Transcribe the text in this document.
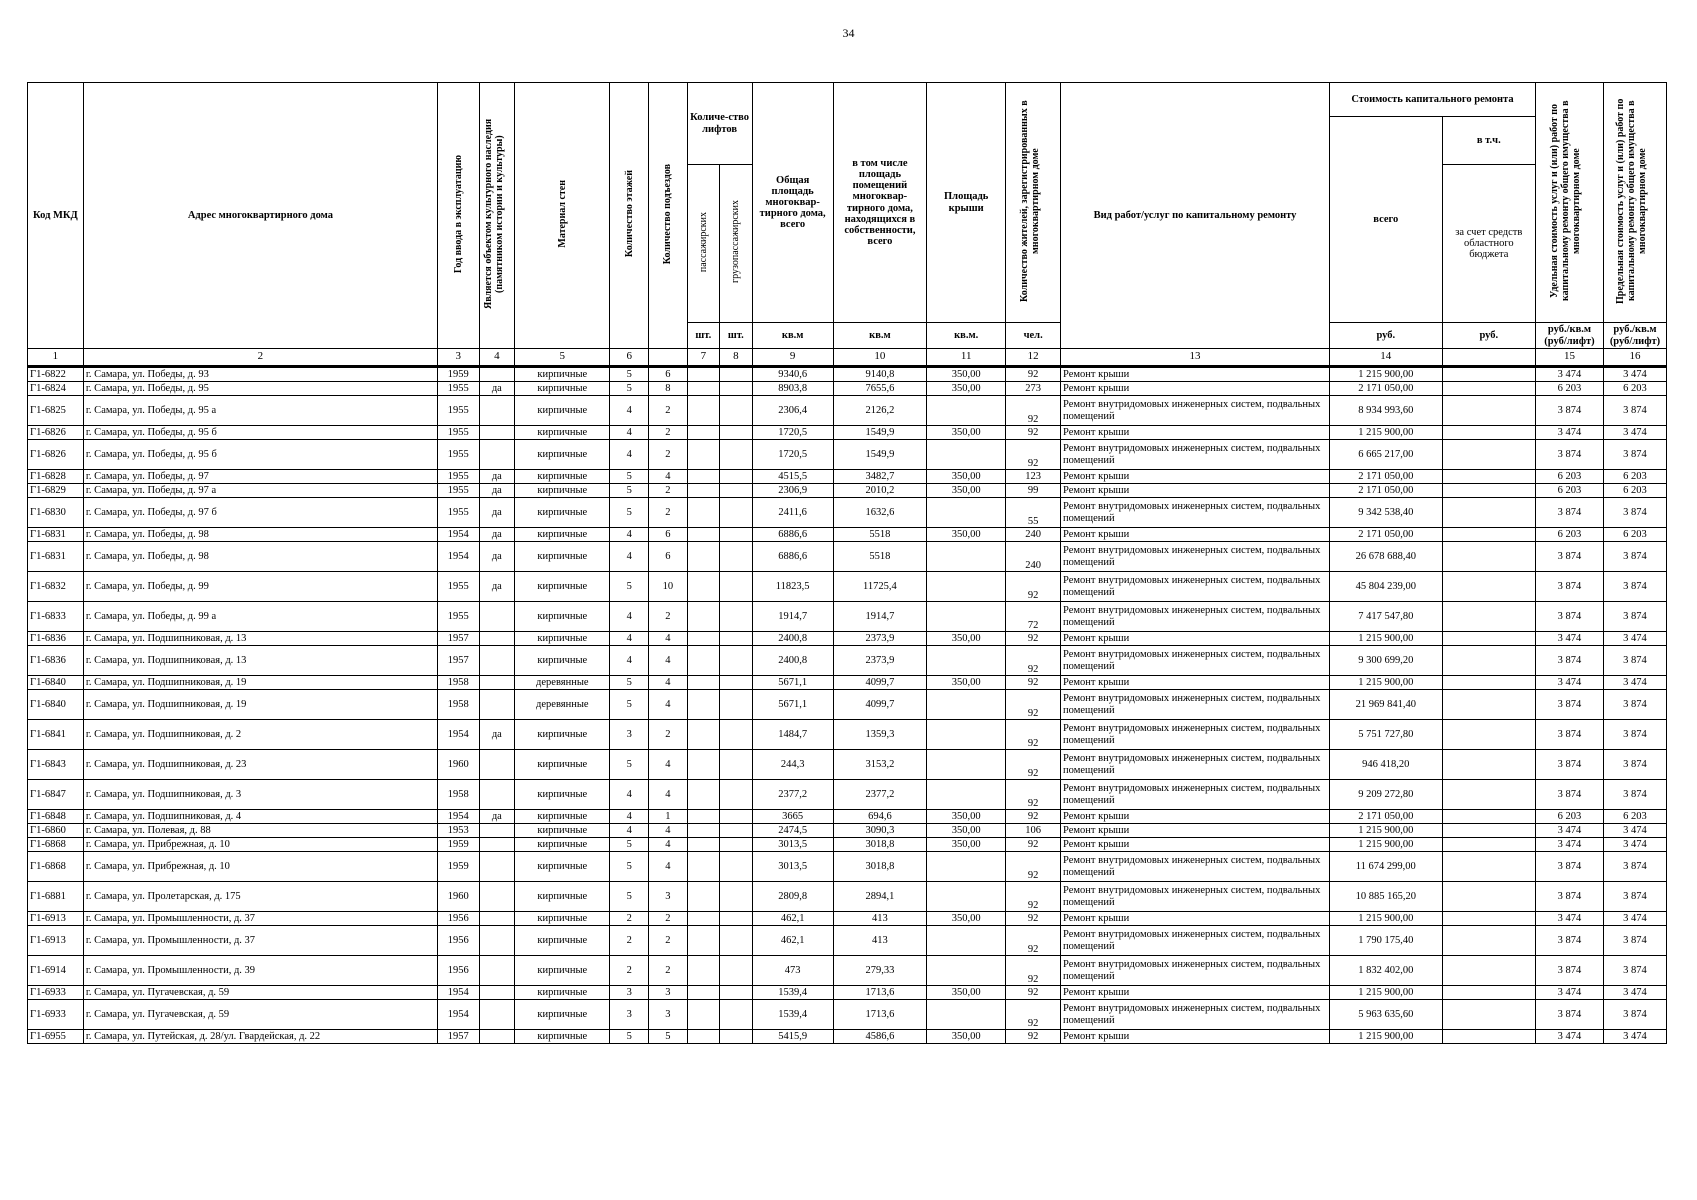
34
Код МКД	Адрес многоквартирного дома	Год ввода в эксплуатацию	Является объектом культурного наследия (памятником истории и культуры)	Материал стен	Количество этажей	Количество подъездов	Количе-ство лифтов		Общая площадь многоквар-тирного дома, всего	в том числе площадь помещений многоквар-тирного дома, находящихся в собственности, всего	Площадь крыши	Количество жителей, зарегистрированных в многоквартирном доме	Вид работ/услуг по капитальному ремонту	Стоимость капитального ремонта		Удельная стоимость услуг и (или) работ по капитальному ремонту общего имущества в многоквартирном доме	Предельная стоимость услуг и (или) работ по капитальному ремонту общего имущества в многоквартирном доме
														всего	в т.ч.		
							пассажирских	грузопассажирских							за счет средств областного бюджета		
							шт.	шт.	кв.м	кв.м	кв.м.	чел.		руб.	руб.	руб./кв.м (руб/лифт)	руб./кв.м (руб/лифт)
1	2	3	4	5	6		7	8	9	10	11	12	13	14		15	16
Г1-6822	г. Самара, ул. Победы, д. 93	1959		кирпичные	5	6			9340,6	9140,8	350,00	92	Ремонт крыши	1 215 900,00		3 474	3 474
Г1-6824	г. Самара, ул. Победы, д. 95	1955	да	кирпичные	5	8			8903,8	7655,6	350,00	273	Ремонт крыши	2 171 050,00		6 203	6 203
Г1-6825	г. Самара, ул. Победы, д. 95 а	1955		кирпичные	4	2			2306,4	2126,2		92	Ремонт внутридомовых инженерных систем, подвальных помещений	8 934 993,60		3 874	3 874
Г1-6826	г. Самара, ул. Победы, д. 95 б	1955		кирпичные	4	2			1720,5	1549,9	350,00	92	Ремонт крыши	1 215 900,00		3 474	3 474
Г1-6826	г. Самара, ул. Победы, д. 95 б	1955		кирпичные	4	2			1720,5	1549,9		92	Ремонт внутридомовых инженерных систем, подвальных помещений	6 665 217,00		3 874	3 874
Г1-6828	г. Самара, ул. Победы, д. 97	1955	да	кирпичные	5	4			4515,5	3482,7	350,00	123	Ремонт крыши	2 171 050,00		6 203	6 203
Г1-6829	г. Самара, ул. Победы, д. 97 а	1955	да	кирпичные	5	2			2306,9	2010,2	350,00	99	Ремонт крыши	2 171 050,00		6 203	6 203
Г1-6830	г. Самара, ул. Победы, д. 97 б	1955	да	кирпичные	5	2			2411,6	1632,6		55	Ремонт внутридомовых инженерных систем, подвальных помещений	9 342 538,40		3 874	3 874
Г1-6831	г. Самара, ул. Победы, д. 98	1954	да	кирпичные	4	6			6886,6	5518	350,00	240	Ремонт крыши	2 171 050,00		6 203	6 203
Г1-6831	г. Самара, ул. Победы, д. 98	1954	да	кирпичные	4	6			6886,6	5518		240	Ремонт внутридомовых инженерных систем, подвальных помещений	26 678 688,40		3 874	3 874
Г1-6832	г. Самара, ул. Победы, д. 99	1955	да	кирпичные	5	10			11823,5	11725,4		92	Ремонт внутридомовых инженерных систем, подвальных помещений	45 804 239,00		3 874	3 874
Г1-6833	г. Самара, ул. Победы, д. 99 а	1955		кирпичные	4	2			1914,7	1914,7		72	Ремонт внутридомовых инженерных систем, подвальных помещений	7 417 547,80		3 874	3 874
Г1-6836	г. Самара, ул. Подшипниковая, д. 13	1957		кирпичные	4	4			2400,8	2373,9	350,00	92	Ремонт крыши	1 215 900,00		3 474	3 474
Г1-6836	г. Самара, ул. Подшипниковая, д. 13	1957		кирпичные	4	4			2400,8	2373,9		92	Ремонт внутридомовых инженерных систем, подвальных помещений	9 300 699,20		3 874	3 874
Г1-6840	г. Самара, ул. Подшипниковая, д. 19	1958		деревянные	5	4			5671,1	4099,7	350,00	92	Ремонт крыши	1 215 900,00		3 474	3 474
Г1-6840	г. Самара, ул. Подшипниковая, д. 19	1958		деревянные	5	4			5671,1	4099,7		92	Ремонт внутридомовых инженерных систем, подвальных помещений	21 969 841,40		3 874	3 874
Г1-6841	г. Самара, ул. Подшипниковая, д. 2	1954	да	кирпичные	3	2			1484,7	1359,3		92	Ремонт внутридомовых инженерных систем, подвальных помещений	5 751 727,80		3 874	3 874
Г1-6843	г. Самара, ул. Подшипниковая, д. 23	1960		кирпичные	5	4			244,3	3153,2		92	Ремонт внутридомовых инженерных систем, подвальных помещений	946 418,20		3 874	3 874
Г1-6847	г. Самара, ул. Подшипниковая, д. 3	1958		кирпичные	4	4			2377,2	2377,2		92	Ремонт внутридомовых инженерных систем, подвальных помещений	9 209 272,80		3 874	3 874
Г1-6848	г. Самара, ул. Подшипниковая, д. 4	1954	да	кирпичные	4	1			3665	694,6	350,00	92	Ремонт крыши	2 171 050,00		6 203	6 203
Г1-6860	г. Самара, ул. Полевая, д. 88	1953		кирпичные	4	4			2474,5	3090,3	350,00	106	Ремонт крыши	1 215 900,00		3 474	3 474
Г1-6868	г. Самара, ул. Прибрежная, д. 10	1959		кирпичные	5	4			3013,5	3018,8	350,00	92	Ремонт крыши	1 215 900,00		3 474	3 474
Г1-6868	г. Самара, ул. Прибрежная, д. 10	1959		кирпичные	5	4			3013,5	3018,8		92	Ремонт внутридомовых инженерных систем, подвальных помещений	11 674 299,00		3 874	3 874
Г1-6881	г. Самара, ул. Пролетарская, д. 175	1960		кирпичные	5	3			2809,8	2894,1		92	Ремонт внутридомовых инженерных систем, подвальных помещений	10 885 165,20		3 874	3 874
Г1-6913	г. Самара, ул. Промышленности, д. 37	1956		кирпичные	2	2			462,1	413	350,00	92	Ремонт крыши	1 215 900,00		3 474	3 474
Г1-6913	г. Самара, ул. Промышленности, д. 37	1956		кирпичные	2	2			462,1	413		92	Ремонт внутридомовых инженерных систем, подвальных помещений	1 790 175,40		3 874	3 874
Г1-6914	г. Самара, ул. Промышленности, д. 39	1956		кирпичные	2	2			473	279,33		92	Ремонт внутридомовых инженерных систем, подвальных помещений	1 832 402,00		3 874	3 874
Г1-6933	г. Самара, ул. Пугачевская, д. 59	1954		кирпичные	3	3			1539,4	1713,6	350,00	92	Ремонт крыши	1 215 900,00		3 474	3 474
Г1-6933	г. Самара, ул. Пугачевская, д. 59	1954		кирпичные	3	3			1539,4	1713,6		92	Ремонт внутридомовых инженерных систем, подвальных помещений	5 963 635,60		3 874	3 874
Г1-6955	г. Самара, ул. Путейская, д. 28/ул. Гвардейская, д. 22	1957		кирпичные	5	5			5415,9	4586,6	350,00	92	Ремонт крыши	1 215 900,00		3 474	3 474
